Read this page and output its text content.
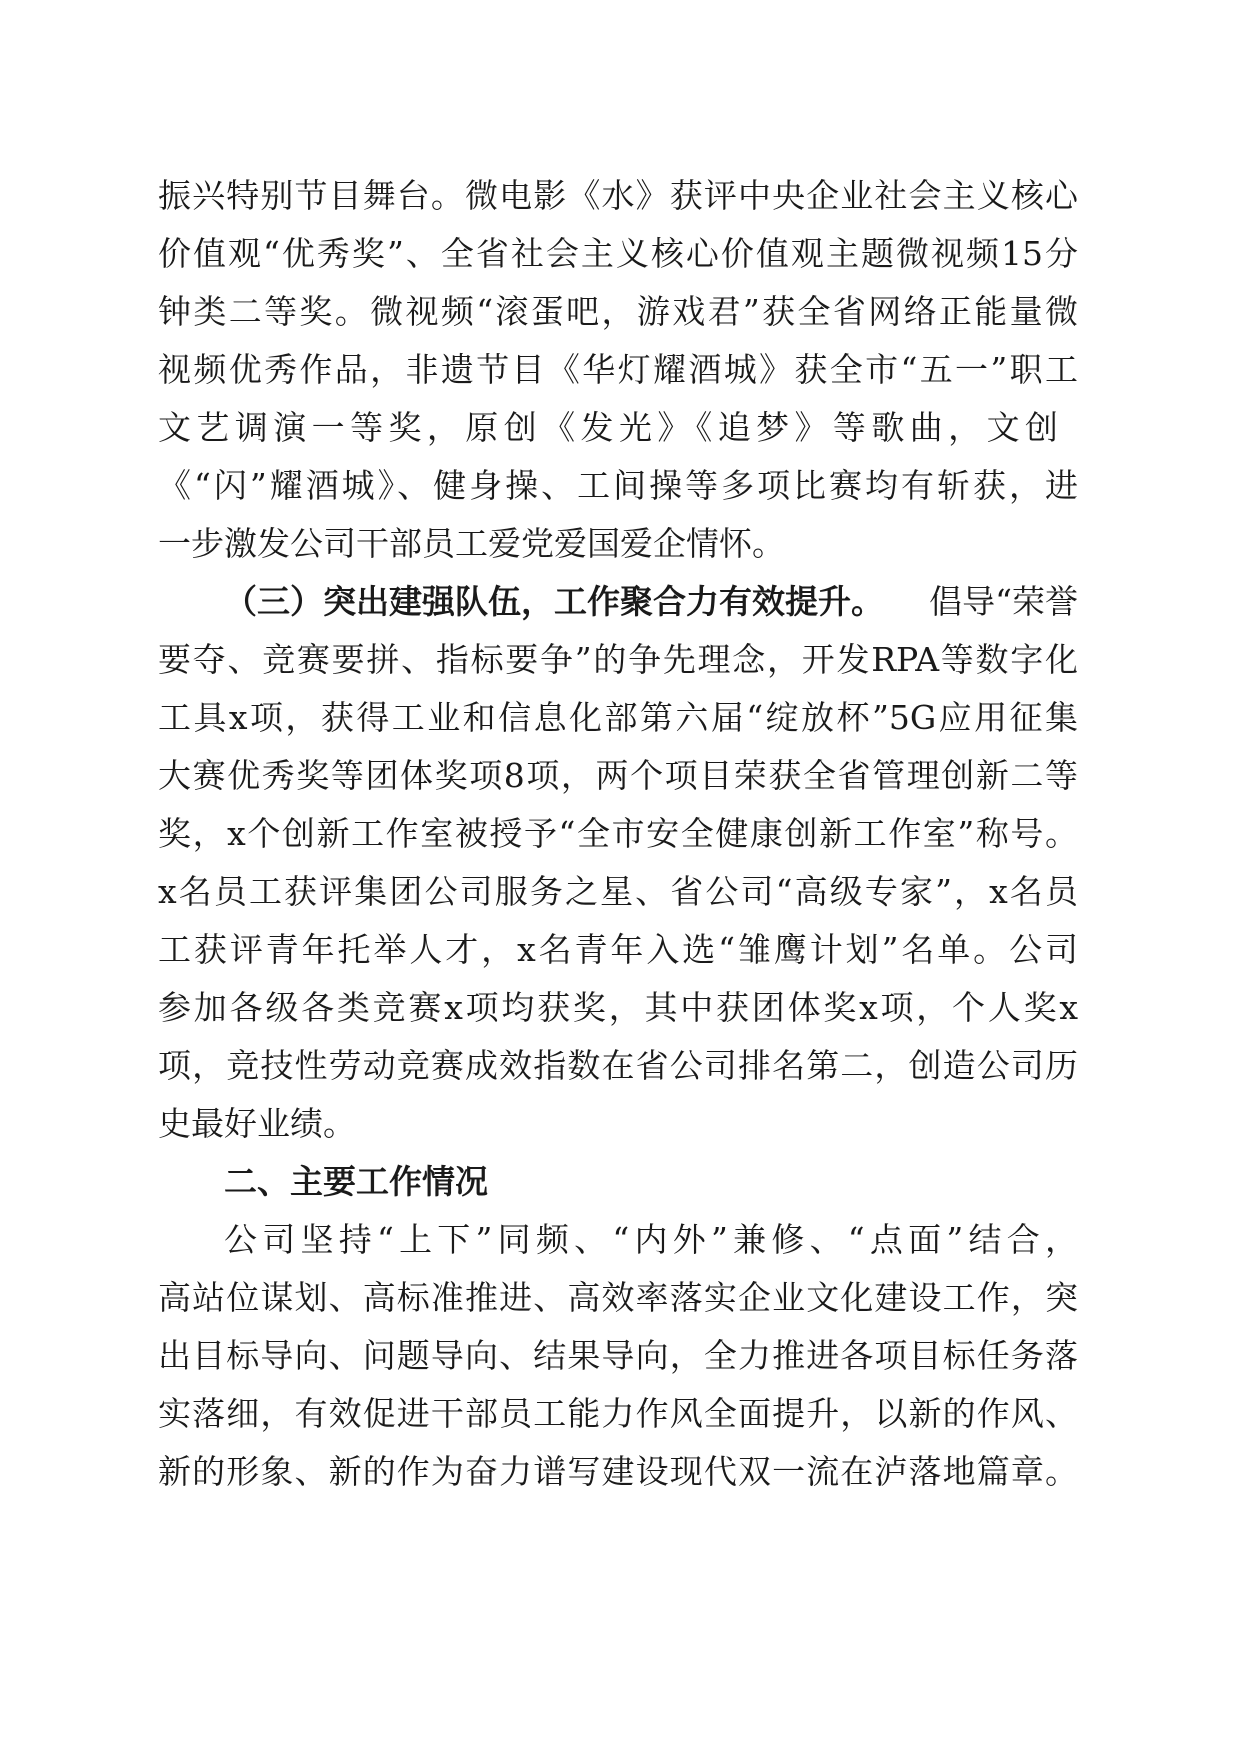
振兴特别节目舞台。微电影《水》获评中央企业社会主义核心
价值观“优秀奖”、全省社会主义核心价值观主题微视频15分
钟类二等奖。微视频“滚蛋吧，游戏君”获全省网络正能量微
视频优秀作品，非遗节目《华灯耀酒城》获全市“五一”职工
文艺调演一等奖，原创《发光》《追梦》等歌曲，文创
《“闪”耀酒城》、健身操、工间操等多项比赛均有斩获，进
一步激发公司干部员工爱党爱国爱企情怀。
（三）突出建强队伍，工作聚合力有效提升。 倡导“荣誉
要夺、竞赛要拼、指标要争”的争先理念，开发RPA等数字化
工具x项，获得工业和信息化部第六届“绽放杯”5G应用征集
大赛优秀奖等团体奖项8项，两个项目荣获全省管理创新二等
奖，x个创新工作室被授予“全市安全健康创新工作室”称号。
x名员工获评集团公司服务之星、省公司“高级专家”，x名员
工获评青年托举人才，x名青年入选“雏鹰计划”名单。公司
参加各级各类竞赛x项均获奖，其中获团体奖x项，个人奖x
项，竞技性劳动竞赛成效指数在省公司排名第二，创造公司历
史最好业绩。
二、主要工作情况
公司坚持“上下”同频、“内外”兼修、“点面”结合，
高站位谋划、高标准推进、高效率落实企业文化建设工作，突
出目标导向、问题导向、结果导向，全力推进各项目标任务落
实落细，有效促进干部员工能力作风全面提升，以新的作风、
新的形象、新的作为奋力谱写建设现代双一流在泸落地篇章。
